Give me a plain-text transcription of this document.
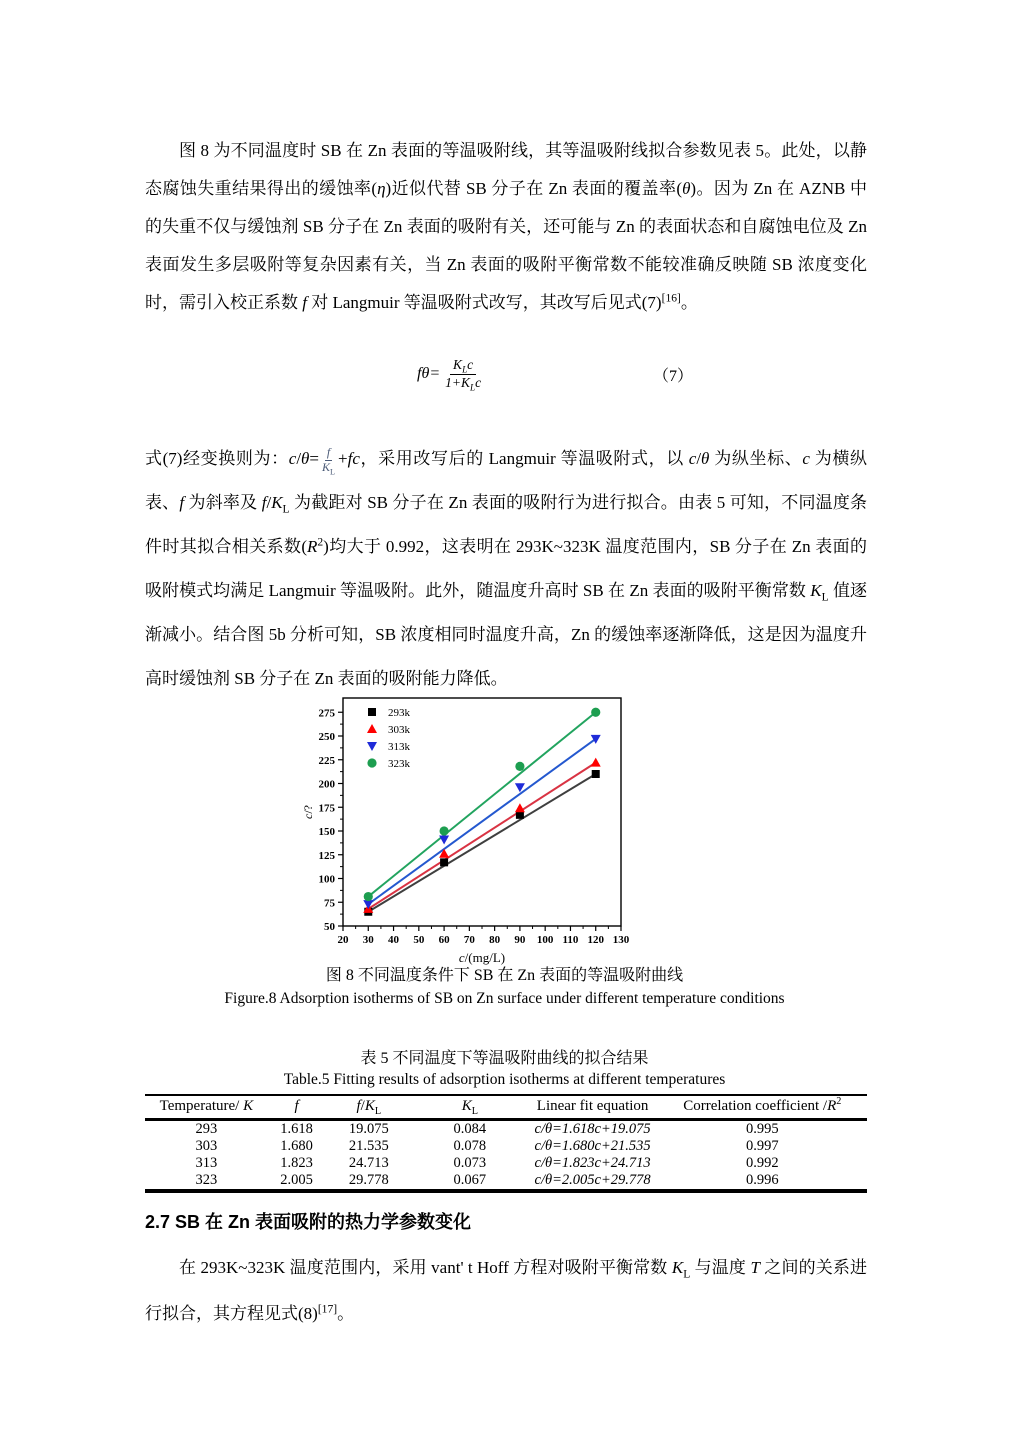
图 8 为不同温度时 SB 在 Zn 表面的等温吸附线，其等温吸附线拟合参数见表 5。此处，以静态腐蚀失重结果得出的缓蚀率(η)近似代替 SB 分子在 Zn 表面的覆盖率(θ)。因为 Zn 在 AZNB 中的失重不仅与缓蚀剂 SB 分子在 Zn 表面的吸附有关，还可能与 Zn 的表面状态和自腐蚀电位及 Zn 表面发生多层吸附等复杂因素有关，当 Zn 表面的吸附平衡常数不能较准确反映随 SB 浓度变化时，需引入校正系数 f 对 Langmuir 等温吸附式改写，其改写后见式(7)[16]。

$f\theta= \frac{K_Lc}{1+K_Lc}$	（7）

式(7)经变换则为：$c/\theta= \frac{f}{K_L} +fc$，采用改写后的 Langmuir 等温吸附式，以 c/θ 为纵坐标、c 为横纵表、f 为斜率及 $f/K_L$ 为截距对 SB 分子在 Zn 表面的吸附行为进行拟合。由表 5 可知，不同温度条件时其拟合相关系数$(R^2)$均大于 0.992，这表明在 293K~323K 温度范围内，SB 分子在 Zn 表面的吸附模式均满足 Langmuir 等温吸附。此外，随温度升高时 SB 在 Zn 表面的吸附平衡常数 $K_L$ 值逐渐减小。结合图 5b 分析可知，SB 浓度相同时温度升高，Zn 的缓蚀率逐渐降低，这是因为温度升高时缓蚀剂 SB 分子在 Zn 表面的吸附能力降低。

20 30 40 50 60 70 80 90 100 110 120 130
50
75
100
125
150
175
200
225
250
275
c/(mg/L)
c/?
293k
303k
313k
323k
图 8 不同温度条件下 SB 在 Zn 表面的等温吸附曲线
Figure.8 Adsorption isotherms of SB on Zn surface under different temperature conditions
表 5 不同温度下等温吸附曲线的拟合结果
Table.5 Fitting results of adsorption isotherms at different temperatures
Temperature/ K	f	$f/K_L$	$K_L$	Linear fit equation	Correlation coefficient $/R^2$
293	1.618	19.075	0.084	c/θ=1.618c+19.075	0.995
303	1.680	21.535	0.078	c/θ=1.680c+21.535	0.997
313	1.823	24.713	0.073	c/θ=1.823c+24.713	0.992
323	2.005	29.778	0.067	c/θ=2.005c+29.778	0.996
2.7 SB 在 Zn 表面吸附的热力学参数变化

在 293K~323K 温度范围内，采用 vant' t Hoff 方程对吸附平衡常数 $K_L$ 与温度 T 之间的关系进行拟合，其方程见式(8)[17]。
